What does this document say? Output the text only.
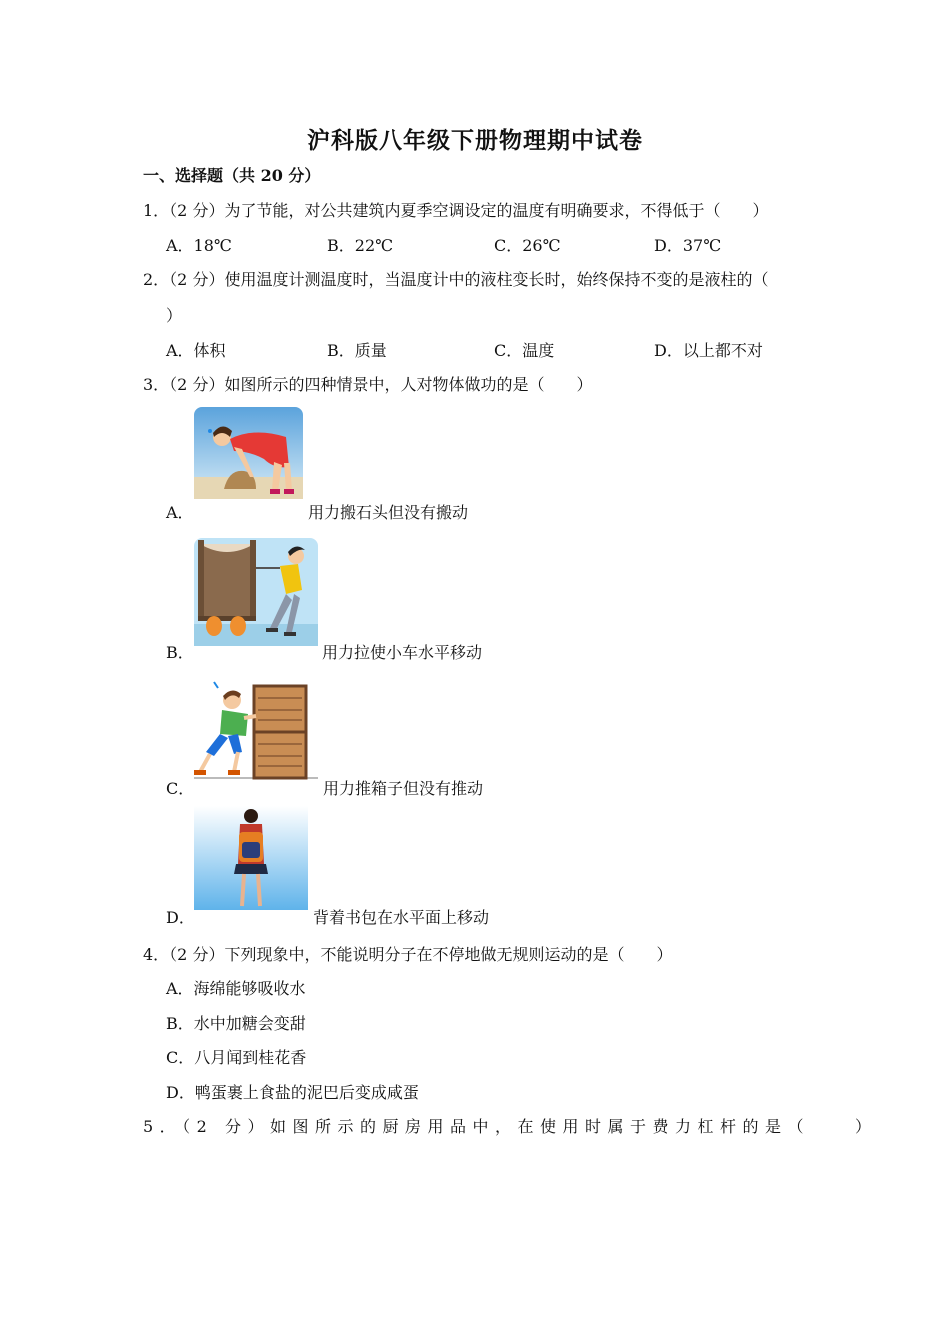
沪科版八年级下册物理期中试卷
一、选择题（共 20 分）
1．（2 分）为了节能，对公共建筑内夏季空调设定的温度有明确要求，不得低于（　　）
A．18℃	B．22℃	C．26℃	D．37℃
2．（2 分）使用温度计测温度时，当温度计中的液柱变长时，始终保持不变的是液柱的（
）
A．体积	B．质量	C．温度	D．以上都不对
3．（2 分）如图所示的四种情景中，人对物体做功的是（　　）
A．	用力搬石头但没有搬动
B．	用力拉使小车水平移动
C．	用力推箱子但没有推动
D．	背着书包在水平面上移动
4．（2 分）下列现象中，不能说明分子在不停地做无规则运动的是（　　）
A．海绵能够吸收水
B．水中加糖会变甜
C．八月闻到桂花香
D．鸭蛋裹上食盐的泥巴后变成咸蛋
5．（2 分）如图所示的厨房用品中，在使用时属于费力杠杆的是（　　）
